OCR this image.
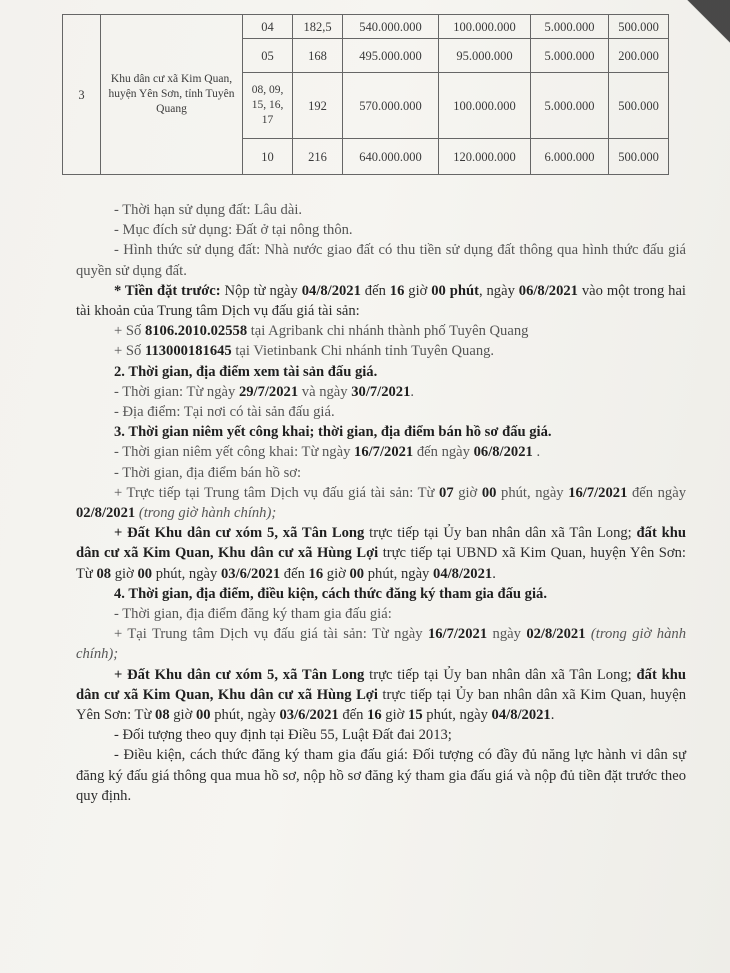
3	Khu dân cư xã Kim Quan, huyện Yên Sơn, tỉnh Tuyên Quang	04	182,5	540.000.000	100.000.000	5.000.000	500.000
		05	168	495.000.000	95.000.000	5.000.000	200.000
		08, 09, 15, 16, 17	192	570.000.000	100.000.000	5.000.000	500.000
		10	216	640.000.000	120.000.000	6.000.000	500.000

- Thời hạn sử dụng đất: Lâu dài.

- Mục đích sử dụng: Đất ở tại nông thôn.

- Hình thức sử dụng đất: Nhà nước giao đất có thu tiền sử dụng đất thông qua hình thức đấu giá quyền sử dụng đất.

* Tiền đặt trước: Nộp từ ngày 04/8/2021 đến 16 giờ 00 phút, ngày 06/8/2021 vào một trong hai tài khoản của Trung tâm Dịch vụ đấu giá tài sản:

+ Số 8106.2010.02558 tại Agribank chi nhánh thành phố Tuyên Quang

+ Số 113000181645 tại Vietinbank Chi nhánh tỉnh Tuyên Quang.

2. Thời gian, địa điểm xem tài sản đấu giá.

- Thời gian: Từ ngày 29/7/2021 và ngày 30/7/2021.

- Địa điểm: Tại nơi có tài sản đấu giá.

3. Thời gian niêm yết công khai; thời gian, địa điểm bán hồ sơ đấu giá.

- Thời gian niêm yết công khai: Từ ngày 16/7/2021 đến ngày 06/8/2021 .

- Thời gian, địa điểm bán hồ sơ:

+ Trực tiếp tại Trung tâm Dịch vụ đấu giá tài sản: Từ 07 giờ 00 phút, ngày 16/7/2021 đến ngày 02/8/2021 (trong giờ hành chính);

+ Đất Khu dân cư xóm 5, xã Tân Long trực tiếp tại Ủy ban nhân dân xã Tân Long; đất khu dân cư xã Kim Quan, Khu dân cư xã Hùng Lợi trực tiếp tại UBND xã Kim Quan, huyện Yên Sơn: Từ 08 giờ 00 phút, ngày 03/6/2021 đến 16 giờ 00 phút, ngày 04/8/2021.

4. Thời gian, địa điểm, điều kiện, cách thức đăng ký tham gia đấu giá.

- Thời gian, địa điểm đăng ký tham gia đấu giá:

+ Tại Trung tâm Dịch vụ đấu giá tài sản: Từ ngày 16/7/2021 ngày 02/8/2021 (trong giờ hành chính);

+ Đất Khu dân cư xóm 5, xã Tân Long trực tiếp tại Ủy ban nhân dân xã Tân Long; đất khu dân cư xã Kim Quan, Khu dân cư xã Hùng Lợi trực tiếp tại Ủy ban nhân dân xã Kim Quan, huyện Yên Sơn: Từ 08 giờ 00 phút, ngày 03/6/2021 đến 16 giờ 15 phút, ngày 04/8/2021.

- Đối tượng theo quy định tại Điều 55, Luật Đất đai 2013;

- Điều kiện, cách thức đăng ký tham gia đấu giá: Đối tượng có đầy đủ năng lực hành vi dân sự đăng ký đấu giá thông qua mua hồ sơ, nộp hồ sơ đăng ký tham gia đấu giá và nộp đủ tiền đặt trước theo quy định.
